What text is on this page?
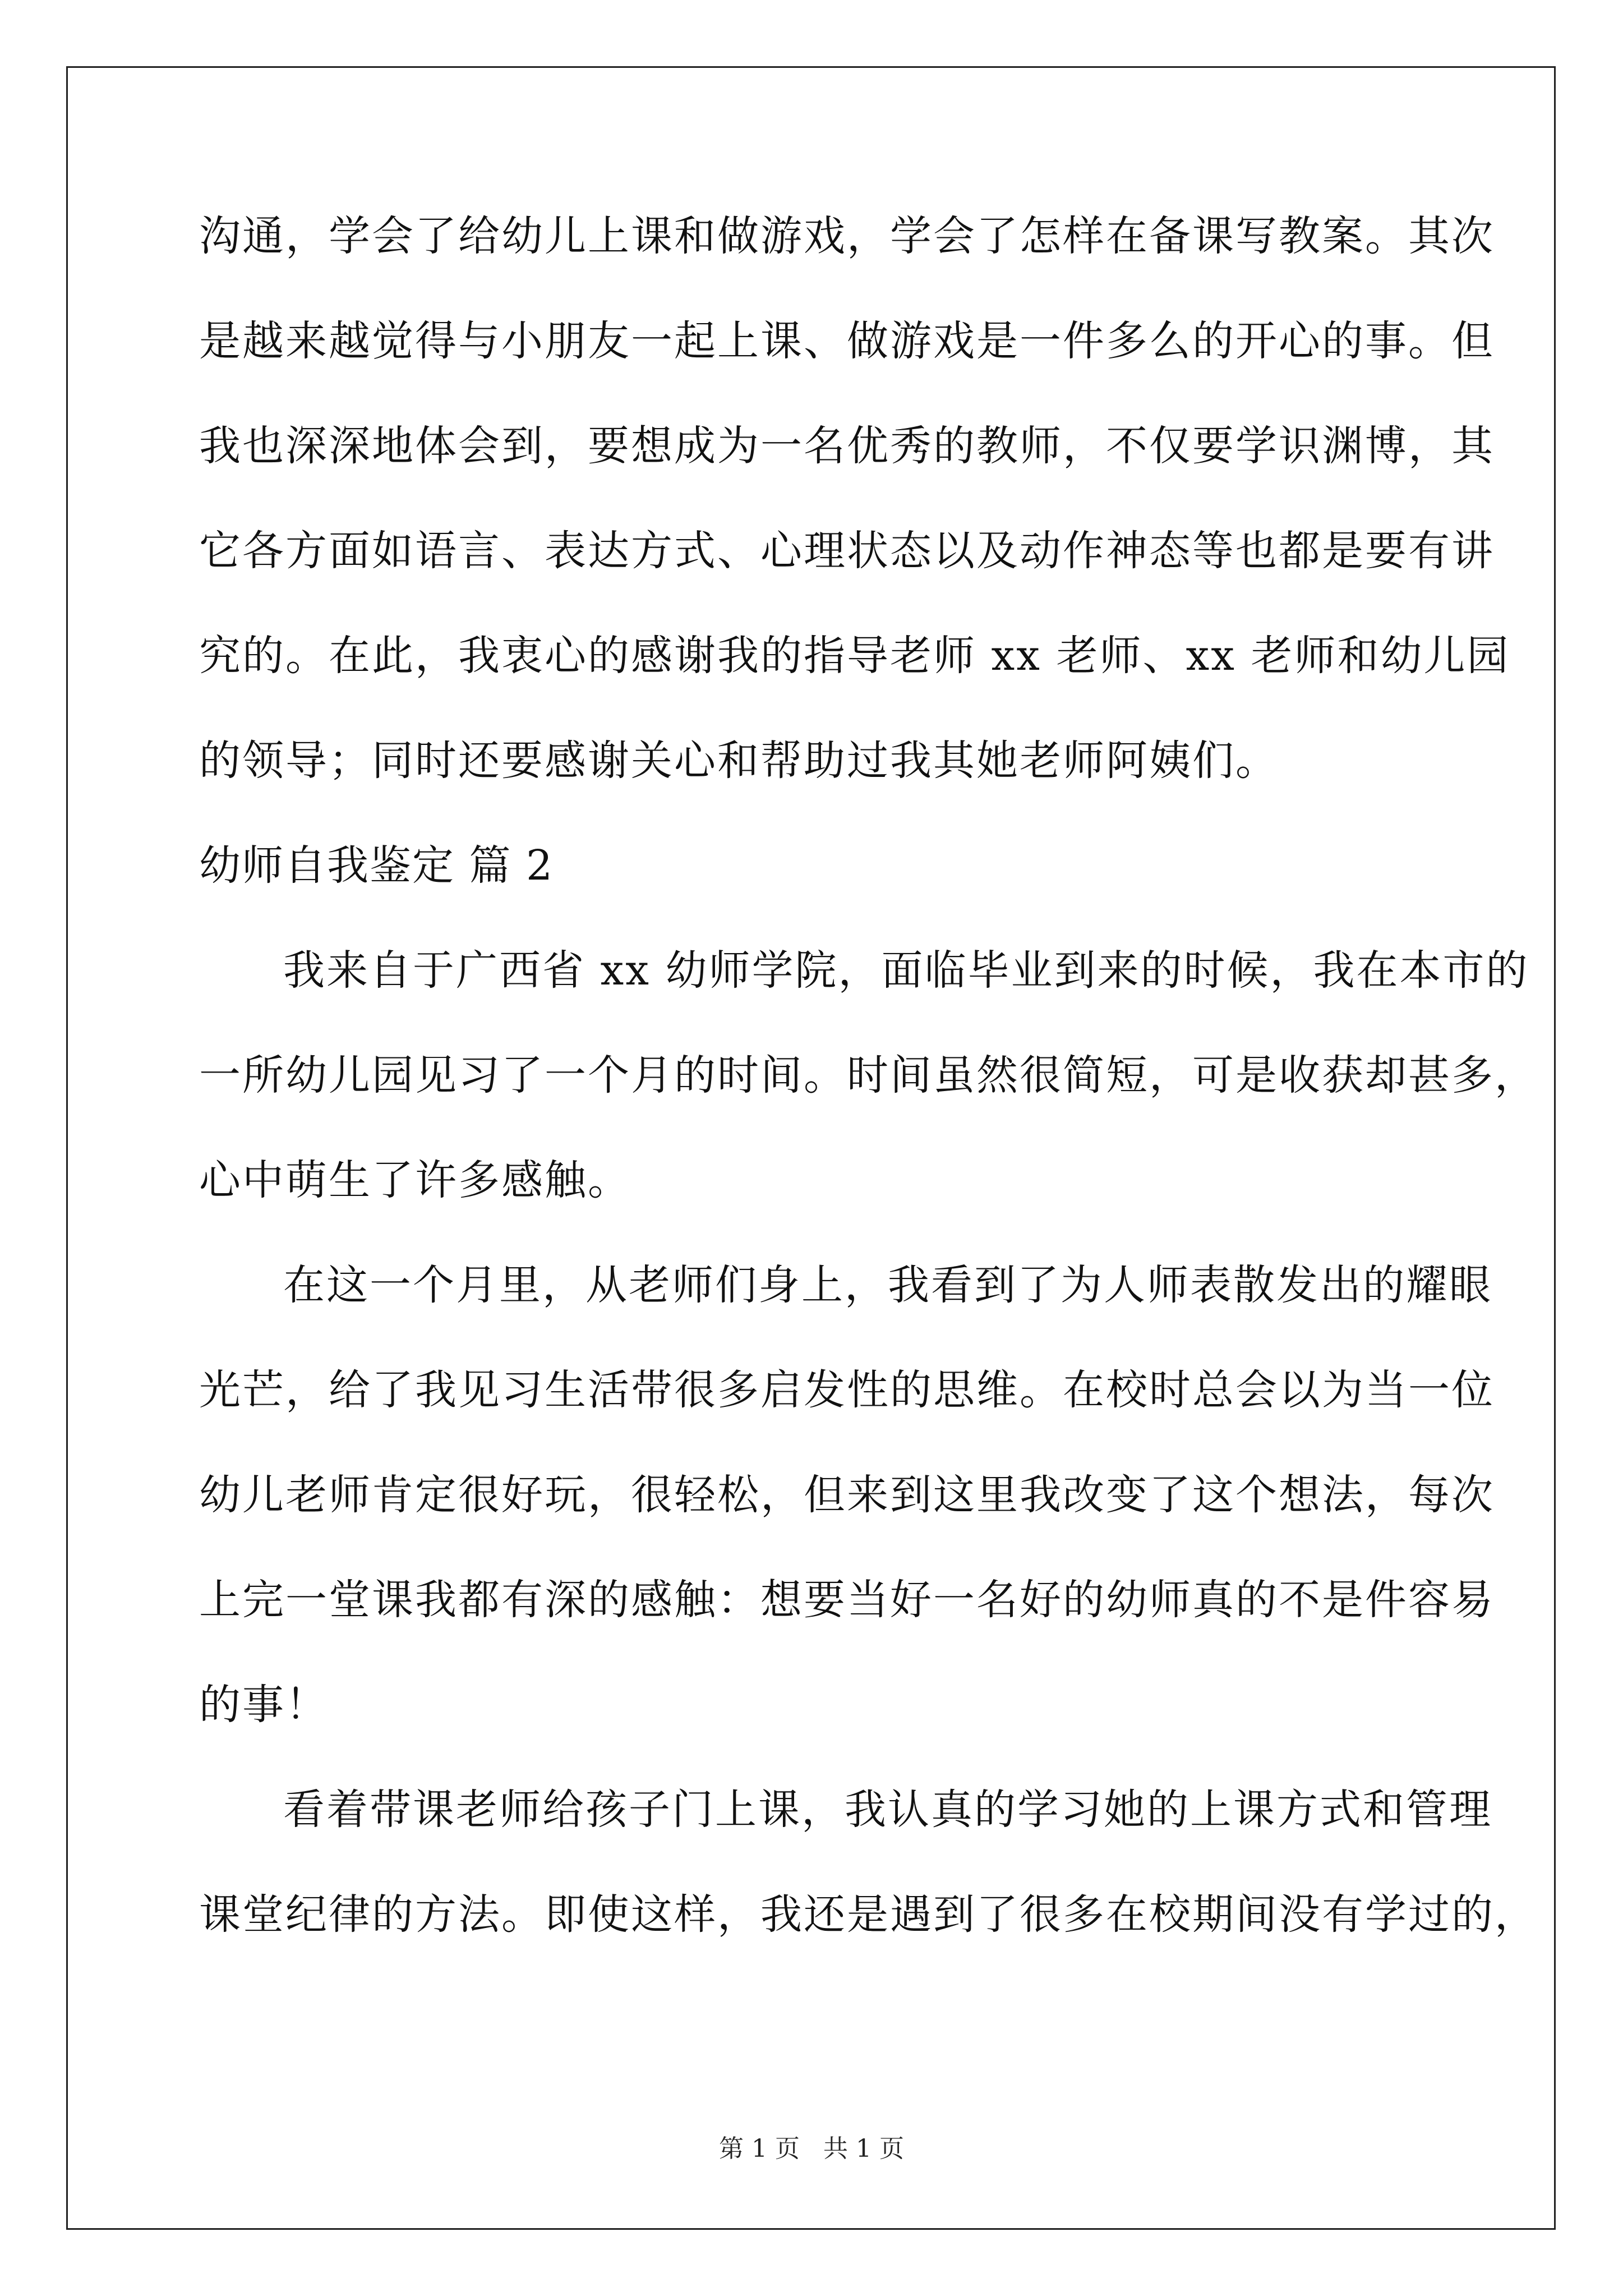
沟通，学会了给幼儿上课和做游戏，学会了怎样在备课写教案。其次
是越来越觉得与小朋友一起上课、做游戏是一件多么的开心的事。但
我也深深地体会到，要想成为一名优秀的教师，不仅要学识渊博，其
它各方面如语言、表达方式、心理状态以及动作神态等也都是要有讲
究的。在此，我衷心的感谢我的指导老师 xx 老师、xx 老师和幼儿园
的领导；同时还要感谢关心和帮助过我其她老师阿姨们。
幼师自我鉴定 篇 2
我来自于广西省 xx 幼师学院，面临毕业到来的时候，我在本市的
一所幼儿园见习了一个月的时间。时间虽然很简短，可是收获却甚多，
心中萌生了许多感触。
在这一个月里，从老师们身上，我看到了为人师表散发出的耀眼
光芒，给了我见习生活带很多启发性的思维。在校时总会以为当一位
幼儿老师肯定很好玩，很轻松，但来到这里我改变了这个想法，每次
上完一堂课我都有深的感触：想要当好一名好的幼师真的不是件容易
的事！
看着带课老师给孩子门上课，我认真的学习她的上课方式和管理
课堂纪律的方法。即使这样，我还是遇到了很多在校期间没有学过的，
第 1 页   共 1 页
